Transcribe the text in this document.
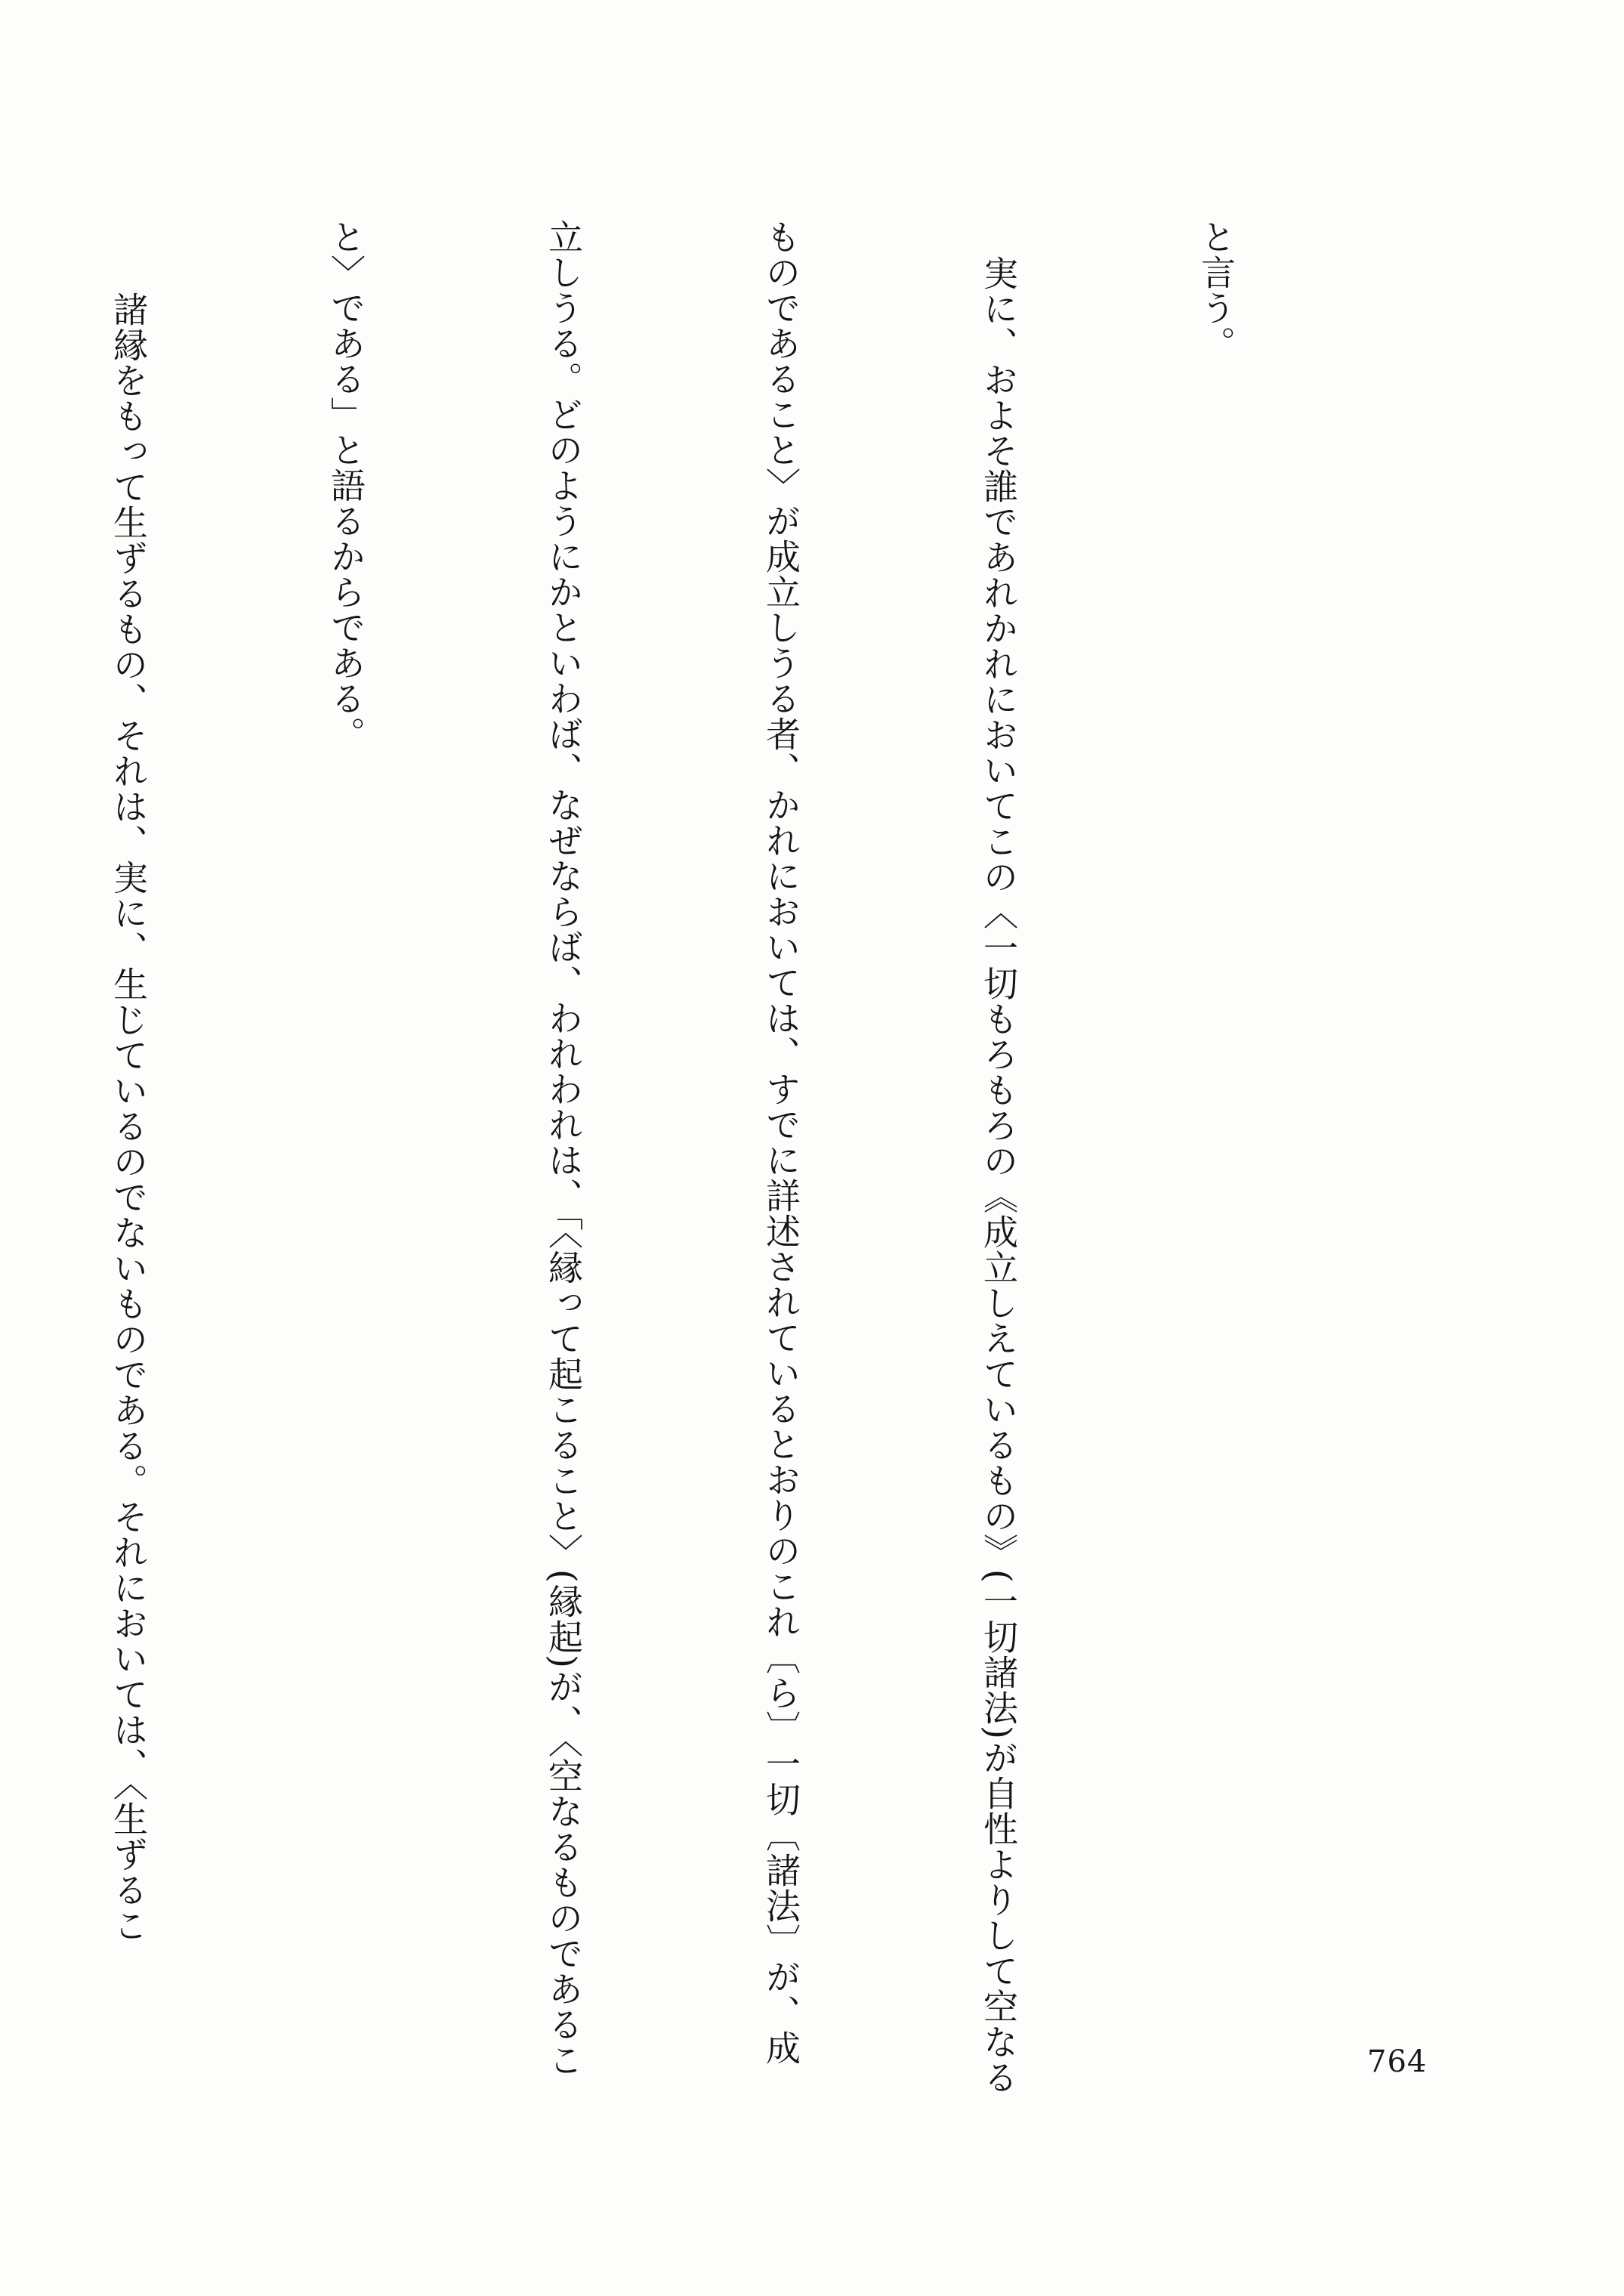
と言う。

実に、およそ誰であれかれにおいてこの〈一切もろもろの《成立しえているもの》(一切諸法)が自性よりして空なる

ものであること〉が成立しうる者、かれにおいては、すでに詳述されているとおりのこれ〔ら〕一切〔諸法〕が、成

立しうる。どのようにかといわば、なぜならば、われわれは、「〈縁って起こること〉(縁起)が、〈空なるものであるこ

と〉である」と語るからである。

諸縁をもって生ずるもの、それは、実に、生じているのでないものである。それにおいては、〈生ずるこ

764
